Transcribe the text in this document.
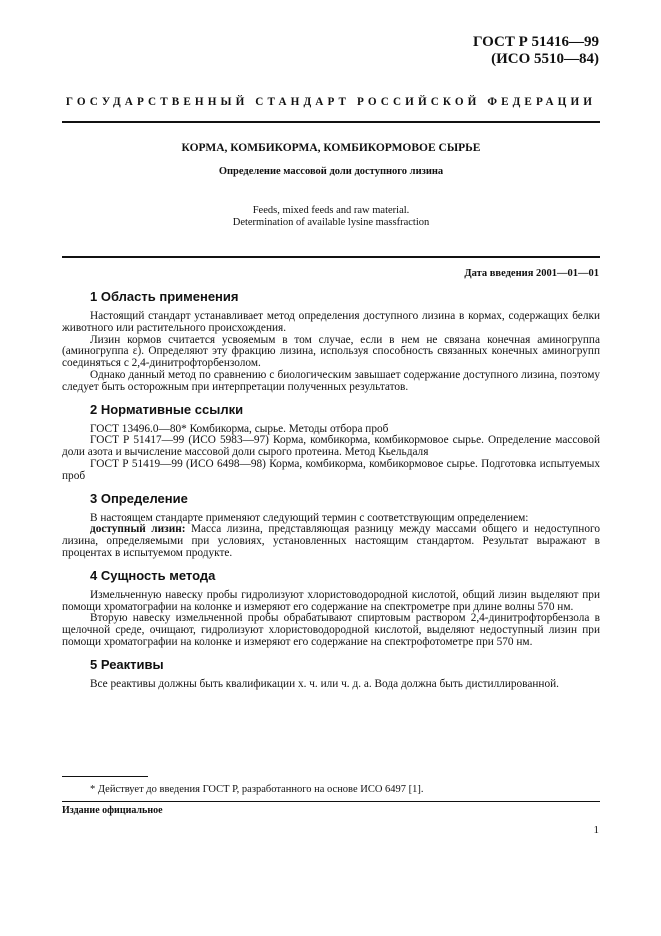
ГОСТ Р 51416—99
(ИСО 5510—84)
ГОСУДАРСТВЕННЫЙ СТАНДАРТ РОССИЙСКОЙ ФЕДЕРАЦИИ
КОРМА, КОМБИКОРМА, КОМБИКОРМОВОЕ СЫРЬЕ
Определение массовой доли доступного лизина
Feeds, mixed feeds and raw material.
Determination of available lysine massfraction
Дата введения 2001—01—01
1 Область применения

Настоящий стандарт устанавливает метод определения доступного лизина в кормах, содержащих белки животного или растительного происхождения.

Лизин кормов считается усвояемым в том случае, если в нем не связана конечная аминогруппа (аминогруппа ε). Определяют эту фракцию лизина, используя способность связанных конечных аминогрупп соединяться с 2,4-динитрофторбензолом.

Однако данный метод по сравнению с биологическим завышает содержание доступного лизина, поэтому следует быть осторожным при интерпретации полученных результатов.

2 Нормативные ссылки

ГОСТ 13496.0—80* Комбикорма, сырье. Методы отбора проб

ГОСТ Р 51417—99 (ИСО 5983—97) Корма, комбикорма, комбикормовое сырье. Определение массовой доли азота и вычисление массовой доли сырого протеина. Метод Кьельдаля

ГОСТ Р 51419—99 (ИСО 6498—98) Корма, комбикорма, комбикормовое сырье. Подготовка испытуемых проб

3 Определение

В настоящем стандарте применяют следующий термин с соответствующим определением:

доступный лизин: Масса лизина, представляющая разницу между массами общего и недоступного лизина, определяемыми при условиях, установленных настоящим стандартом. Результат выражают в процентах в испытуемом продукте.

4 Сущность метода

Измельченную навеску пробы гидролизуют хлористоводородной кислотой, общий лизин выделяют при помощи хроматографии на колонке и измеряют его содержание на спектрометре при длине волны 570 нм.

Вторую навеску измельченной пробы обрабатывают спиртовым раствором 2,4-динитрофторбензола в щелочной среде, очищают, гидролизуют хлористоводородной кислотой, выделяют недоступный лизин при помощи хроматографии на колонке и измеряют его содержание на спектрофотометре при 570 нм.

5 Реактивы

Все реактивы должны быть квалификации х. ч. или ч. д. а. Вода должна быть дистиллированной.

* Действует до введения ГОСТ Р, разработанного на основе ИСО 6497 [1].
Издание официальное
1
